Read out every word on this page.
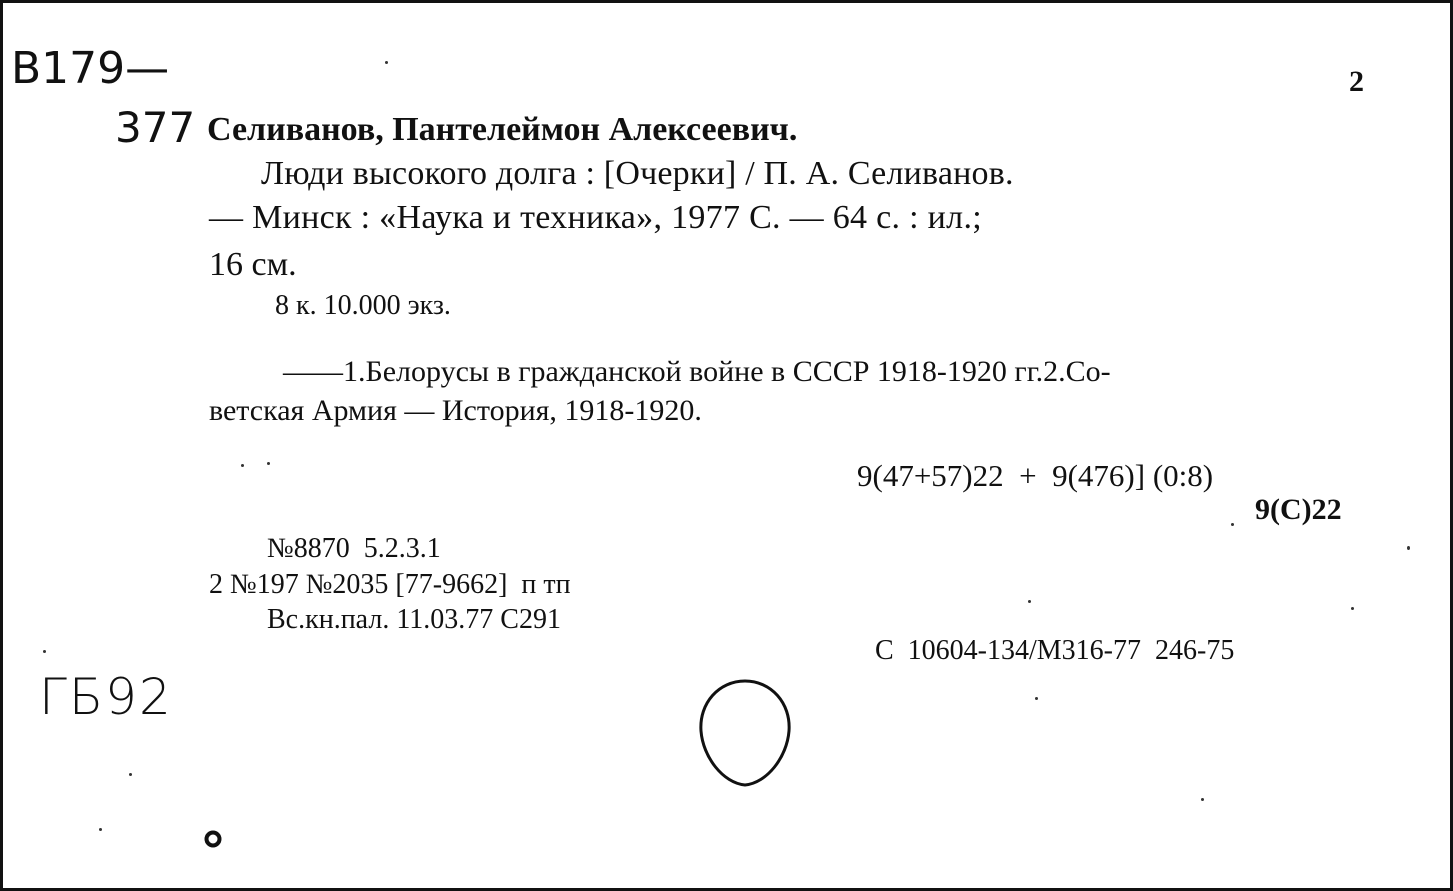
B179—	2
377 Селиванов, Пантелеймон Алексеевич.
Люди высокого долга : [Очерки] / П. А. Селиванов.
— Минск : «Наука и техника», 1977 С. — 64 с. : ил.;
16 см.
8 к. 10.000 экз.
——1.Белорусы в гражданской войне в СССР 1918-1920 гг.2.Со-
ветская Армия — История, 1918-1920.
9(47+57)22  +  9(476)] (0:8)
9(С)22
№8870  5.2.3.1
2 №197 №2035 [77-9662]  п тп
Вс.кн.пал. 11.03.77 С291
С  10604-134/М316-77  246-75
ГБ92
